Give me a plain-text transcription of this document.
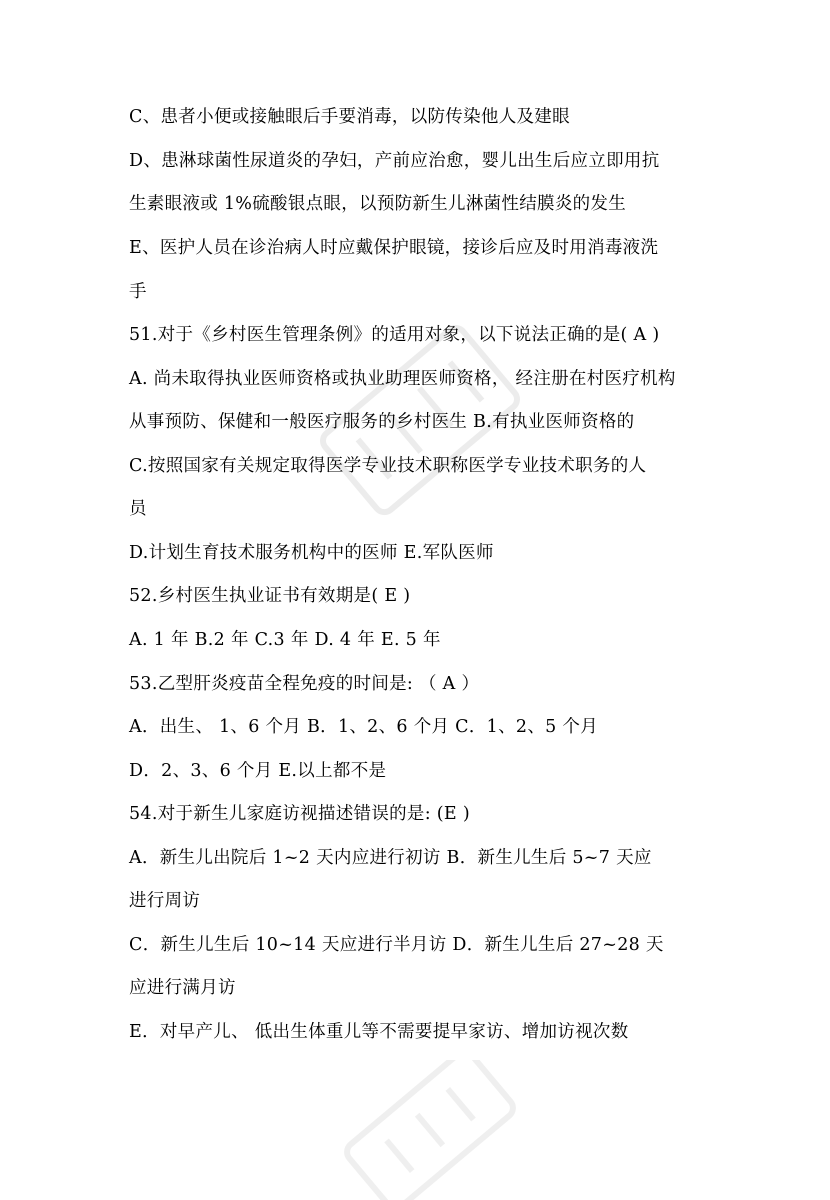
C、患者小便或接触眼后手要消毒，以防传染他人及建眼
D、患淋球菌性尿道炎的孕妇，产前应治愈，婴儿出生后应立即用抗
生素眼液或 1%硫酸银点眼，以预防新生儿淋菌性结膜炎的发生
E、医护人员在诊治病人时应戴保护眼镜，接诊后应及时用消毒液洗
手
51.对于《乡村医生管理条例》的适用对象，以下说法正确的是( A )
A. 尚未取得执业医师资格或执业助理医师资格， 经注册在村医疗机构
从事预防、保健和一般医疗服务的乡村医生 B.有执业医师资格的
C.按照国家有关规定取得医学专业技术职称医学专业技术职务的人
员
D.计划生育技术服务机构中的医师 E.军队医师
52.乡村医生执业证书有效期是( E )
A. 1 年 B.2 年 C.3 年 D. 4 年 E. 5 年
53.乙型肝炎疫苗全程免疫的时间是: （ A ）
A．出生、 1、6 个月 B．1、2、6 个月 C．1、2、5 个月
D．2、3、6 个月 E.以上都不是
54.对于新生儿家庭访视描述错误的是: (E )
A．新生儿出院后 1~2 天内应进行初访 B．新生儿生后 5~7 天应
进行周访
C．新生儿生后 10~14 天应进行半月访 D．新生儿生后 27~28 天
应进行满月访
E．对早产儿、 低出生体重儿等不需要提早家访、增加访视次数
